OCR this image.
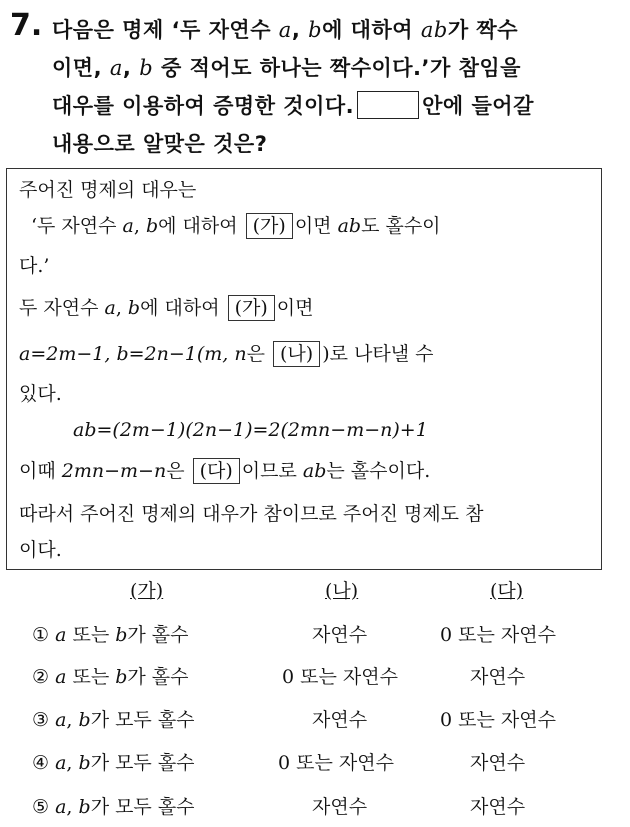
7. 다음은 명제 ‘두 자연수 a, b에 대하여 ab가 짝수
이면, a, b 중 적어도 하나는 짝수이다.’가 참임을
대우를 이용하여 증명한 것이다.	안에 들어갈
내용으로 알맞은 것은?
주어진 명제의 대우는
‘두 자연수 a, b에 대하여 (가) 이면 ab도 홀수이
다.’
두 자연수 a, b에 대하여 (가) 이면
a=2m−1, b=2n−1(m, n은 (나) )로 나타낼 수
있다.
ab=(2m−1)(2n−1)=2(2mn−m−n)+1
이때 2mn−m−n은 (다) 이므로 ab는 홀수이다.
따라서 주어진 명제의 대우가 참이므로 주어진 명제도 참
이다.
(가)	(나)	(다)
① a 또는 b가 홀수	자연수	0 또는 자연수
② a 또는 b가 홀수	0 또는 자연수	자연수
③ a, b가 모두 홀수	자연수	0 또는 자연수
④ a, b가 모두 홀수	0 또는 자연수	자연수
⑤ a, b가 모두 홀수	자연수	자연수
